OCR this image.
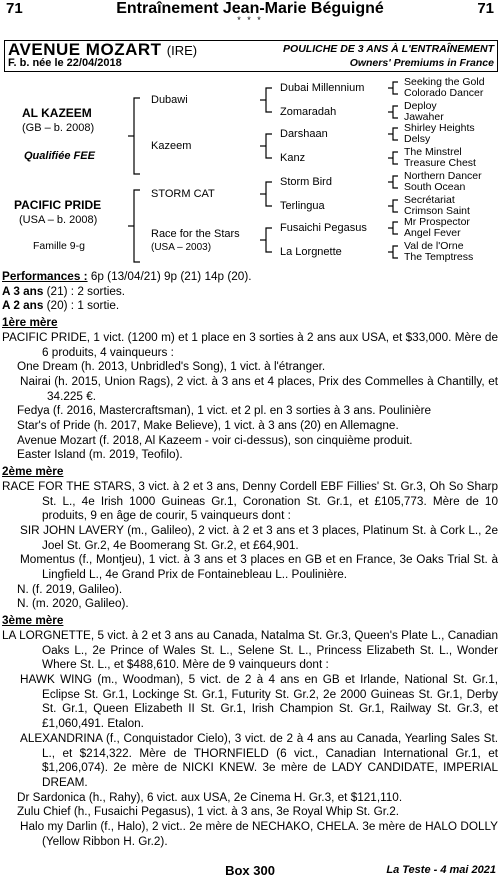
71	Entraînement Jean-Marie Béguigné	71
* * *
AVENUE MOZART (IRE)
F. b. née le 22/04/2018
POULICHE DE 3 ANS À L'ENTRAÎNEMENT
Owners' Premiums in France
AL KAZEEM
(GB – b. 2008)
Qualifiée FEE
PACIFIC PRIDE
(USA – b. 2008)
Famille 9-g
Dubawi
Kazeem
STORM CAT
Race for the Stars
(USA – 2003)
Dubai Millennium
Zomaradah
Darshaan
Kanz
Storm Bird
Terlingua
Fusaichi Pegasus
La Lorgnette
Seeking the Gold
Colorado Dancer
Deploy
Jawaher
Shirley Heights
Delsy
The Minstrel
Treasure Chest
Northern Dancer
South Ocean
Secrétariat
Crimson Saint
Mr Prospector
Angel Fever
Val de l'Orne
The Temptress

Performances : 6p (13/04/21) 9p (21) 14p (20).

A 3 ans (21) : 2 sorties.

A 2 ans (20) : 1 sortie.

1ère mère

PACIFIC PRIDE, 1 vict. (1200 m) et 1 place en 3 sorties à 2 ans aux USA, et $33,000. Mère de 6 produits, 4 vainqueurs :

One Dream (h. 2013, Unbridled's Song), 1 vict. à l'étranger.

Nairai (h. 2015, Union Rags), 2 vict. à 3 ans et 4 places, Prix des Commelles à Chantilly, et 34.225 €.

Fedya (f. 2016, Mastercraftsman), 1 vict. et 2 pl. en 3 sorties à 3 ans. Poulinière

Star's of Pride (h. 2017, Make Believe), 1 vict. à 3 ans (20) en Allemagne.

Avenue Mozart (f. 2018, Al Kazeem - voir ci-dessus), son cinquième produit.

Easter Island (m. 2019, Teofilo).

2ème mère

RACE FOR THE STARS, 3 vict. à 2 et 3 ans, Denny Cordell EBF Fillies' St. Gr.3, Oh So Sharp St. L., 4e Irish 1000 Guineas Gr.1, Coronation St. Gr.1, et £105,773. Mère de 10 produits, 9 en âge de courir, 5 vainqueurs dont :

SIR JOHN LAVERY (m., Galileo), 2 vict. à 2 et 3 ans et 3 places, Platinum St. à Cork L., 2e Joel St. Gr.2, 4e Boomerang St. Gr.2, et £64,901.

Momentus (f., Montjeu), 1 vict. à 3 ans et 3 places en GB et en France, 3e Oaks Trial St. à Lingfield L., 4e Grand Prix de Fontainebleau L.. Poulinière.

N. (f. 2019, Galileo).

N. (m. 2020, Galileo).

3ème mère

LA LORGNETTE, 5 vict. à 2 et 3 ans au Canada, Natalma St. Gr.3, Queen's Plate L., Canadian Oaks L., 2e Prince of Wales St. L., Selene St. L., Princess Elizabeth St. L., Wonder Where St. L., et $488,610. Mère de 9 vainqueurs dont :

HAWK WING (m., Woodman), 5 vict. de 2 à 4 ans en GB et Irlande, National St. Gr.1, Eclipse St. Gr.1, Lockinge St. Gr.1, Futurity St. Gr.2, 2e 2000 Guineas St. Gr.1, Derby St. Gr.1, Queen Elizabeth II St. Gr.1, Irish Champion St. Gr.1, Railway St. Gr.3, et £1,060,491. Etalon.

ALEXANDRINA (f., Conquistador Cielo), 3 vict. de 2 à 4 ans au Canada, Yearling Sales St. L., et $214,322. Mère de THORNFIELD (6 vict., Canadian International Gr.1, et $1,206,074). 2e mère de NICKI KNEW. 3e mère de LADY CANDIDATE, IMPERIAL DREAM.

Dr Sardonica (h., Rahy), 6 vict. aux USA, 2e Cinema H. Gr.3, et $121,110.

Zulu Chief (h., Fusaichi Pegasus), 1 vict. à 3 ans, 3e Royal Whip St. Gr.2.

Halo my Darlin (f., Halo), 2 vict.. 2e mère de NECHAKO, CHELA. 3e mère de HALO DOLLY (Yellow Ribbon H. Gr.2).

Box 300	La Teste - 4 mai 2021
